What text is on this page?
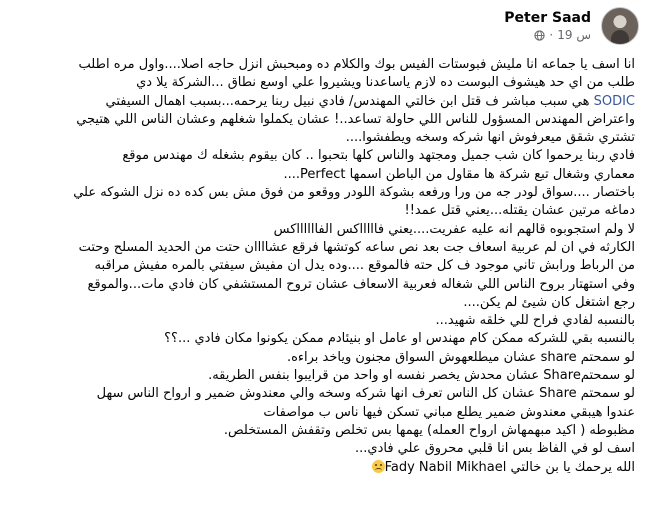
Peter Saad
19 س
·

انا اسف يا جماعه انا مليش فبوستات الفيس بوك والكلام ده ومبحبش انزل حاجه اصلا....واول مره اطلب

طلب من اي حد هيشوف البوست ده لازم ياساعدنا ويشيروا علي اوسع نطاق ...الشركة يلا دي

SODIC هي سبب مباشر ف قتل ابن خالتي المهندس/ فادي نبيل ربنا يرحمه...بسبب اهمال السيفتي

واعتراض المهندس المسؤول للناس اللي حاولة تساعد..! عشان يكملوا شغلهم وعشان الناس اللي هتيجي

تشتري شقق ميعرفوش انها شركه وسخه ويطفشوا....

فادي ربنا يرحموا كان شب جميل ومجتهد والناس كلها بتحبوا .. كان بيقوم بشغله ك مهندس موقع

معماري وشغال تبع شركة ها مقاول من الباطن اسمها Perfect....

باختصار ....سواق لودر جه من ورا ورفعه بشوكة اللودر ووقعو من فوق مش بس كده ده نزل الشوكه علي

دماغه مرتين عشان يقتله...يعني قتل عمد!!

لا ولم استجوبوه قالهم انه عليه عفريت....يعني فاااااكس الفااااااكس

الكارثه في ان لم عربية اسعاف جت بعد نص ساعه كوتشها فرقع عشاااان حتت من الحديد المسلح وحتت

من الرباط ورابش تاني موجود ف كل حته فالموقع ....وده يدل ان مفيش سيفتي بالمره مفيش مراقبه

وفي استهتار بروح الناس اللي شغاله فعربية الاسعاف عشان تروح المستشفي كان فادي مات...والموقع

رجع اشتغل كان شيئ لم يكن....

بالنسبه لفادي فراح للي خلقه شهيد...

بالنسبه بقي للشركه ممكن كام مهندس او عامل او بنيئادم ممكن يكونوا مكان فادي ...؟؟

لو سمحتم share عشان ميطلعهوش السواق مجنون وياخد براءه.

لو سمحتمShare عشان محدش يخصر نفسه او واحد من قرايبوا بنفس الطريقه.

لو سمحتم Share عشان كل الناس تعرف انها شركه وسخه والي معندوش ضمير و ارواح الناس سهل

عندوا هيبقي معندوش ضمير يطلع مباني تسكن فيها ناس ب مواصفات

مظبوطه ( اكيد مبهمهاش ارواح العمله) يهمها بس تخلص وتقفش المستخلص.

اسف لو في الفاظ بس انا قلبي محروق علي فادي...

الله يرحمك يا بن خالتي Fady Nabil Mikhael
